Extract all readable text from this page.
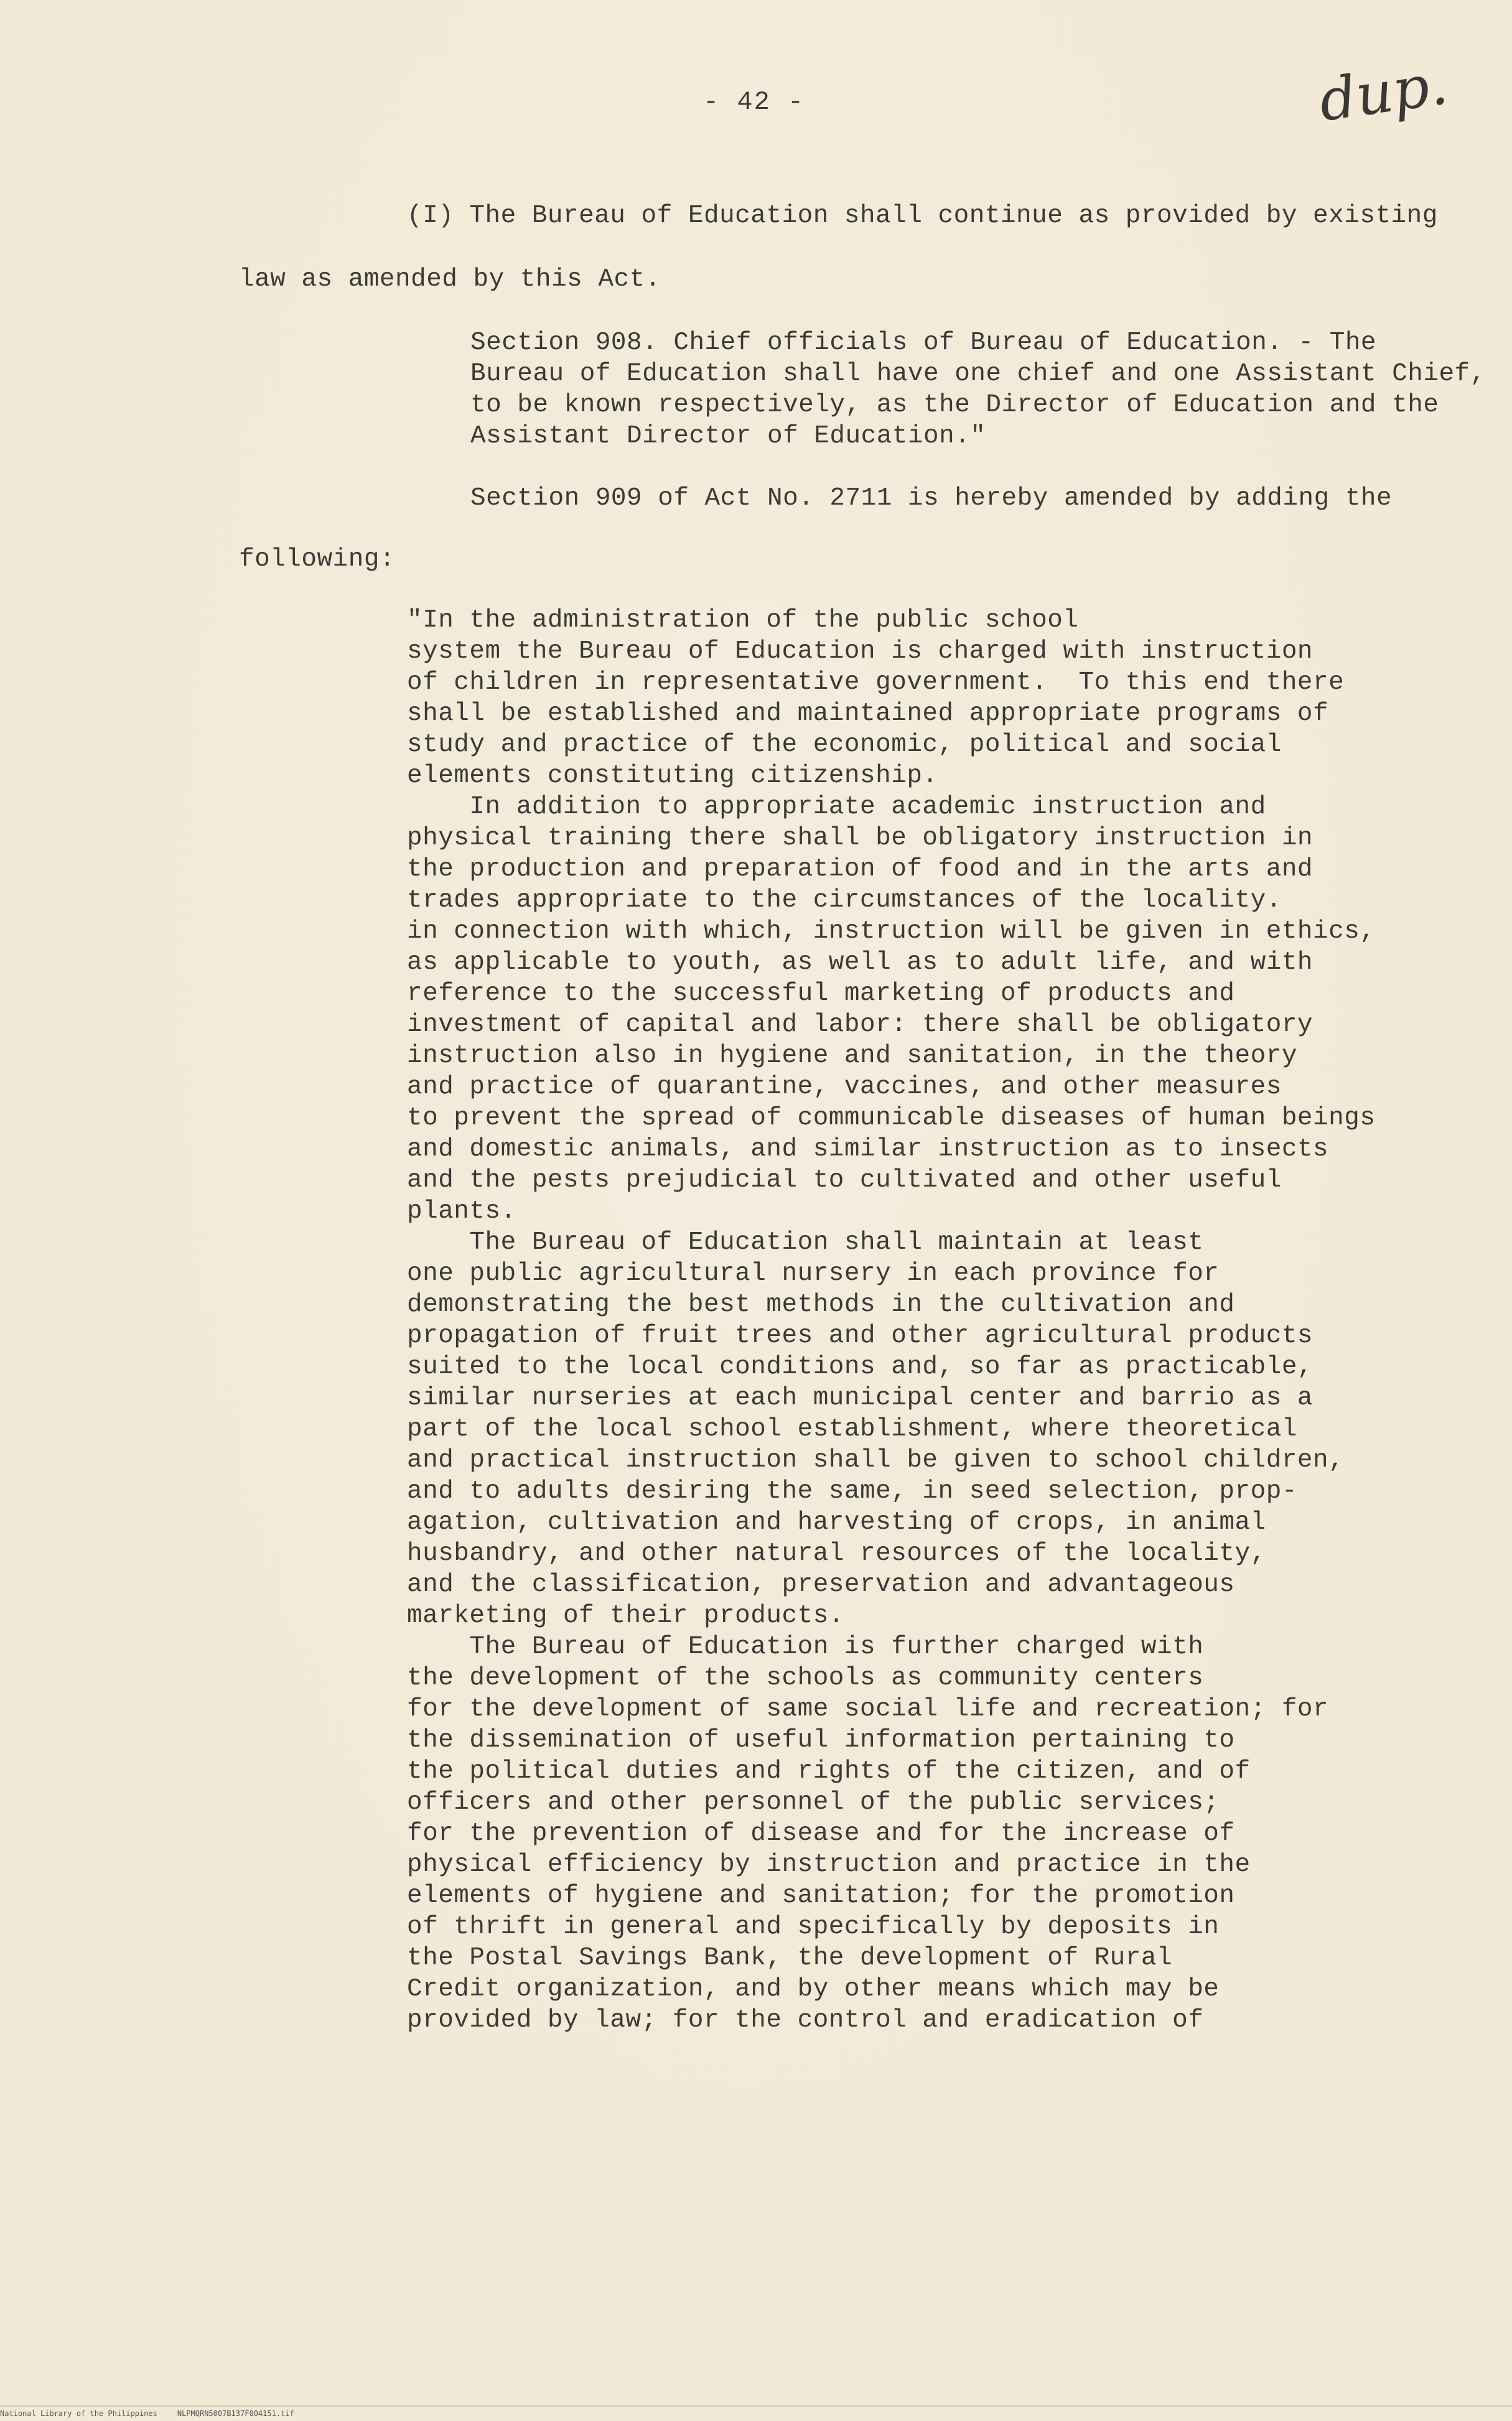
- 42 -	dup.
(I) The Bureau of Education shall continue as provided by existing
law as amended by this Act.
Section 908. Chief officials of Bureau of Education. - The
Bureau of Education shall have one chief and one Assistant Chief,
to be known respectively, as the Director of Education and the
Assistant Director of Education."
Section 909 of Act No. 2711 is hereby amended by adding the
following:
"In the administration of the public school
system the Bureau of Education is charged with instruction
of children in representative government.  To this end there
shall be established and maintained appropriate programs of
study and practice of the economic, political and social
elements constituting citizenship.
In addition to appropriate academic instruction and
physical training there shall be obligatory instruction in
the production and preparation of food and in the arts and
trades appropriate to the circumstances of the locality.
in connection with which, instruction will be given in ethics,
as applicable to youth, as well as to adult life, and with
reference to the successful marketing of products and
investment of capital and labor: there shall be obligatory
instruction also in hygiene and sanitation, in the theory
and practice of quarantine, vaccines, and other measures
to prevent the spread of communicable diseases of human beings
and domestic animals, and similar instruction as to insects
and the pests prejudicial to cultivated and other useful
plants.
The Bureau of Education shall maintain at least
one public agricultural nursery in each province for
demonstrating the best methods in the cultivation and
propagation of fruit trees and other agricultural products
suited to the local conditions and, so far as practicable,
similar nurseries at each municipal center and barrio as a
part of the local school establishment, where theoretical
and practical instruction shall be given to school children,
and to adults desiring the same, in seed selection, prop-
agation, cultivation and harvesting of crops, in animal
husbandry, and other natural resources of the locality,
and the classification, preservation and advantageous
marketing of their products.
The Bureau of Education is further charged with
the development of the schools as community centers
for the development of same social life and recreation; for
the dissemination of useful information pertaining to
the political duties and rights of the citizen, and of
officers and other personnel of the public services;
for the prevention of disease and for the increase of
physical efficiency by instruction and practice in the
elements of hygiene and sanitation; for the promotion
of thrift in general and specifically by deposits in
the Postal Savings Bank, the development of Rural
Credit organization, and by other means which may be
provided by law; for the control and eradication of
National Library of the Philippines	NLPMQRN5007B137F004151.tif
